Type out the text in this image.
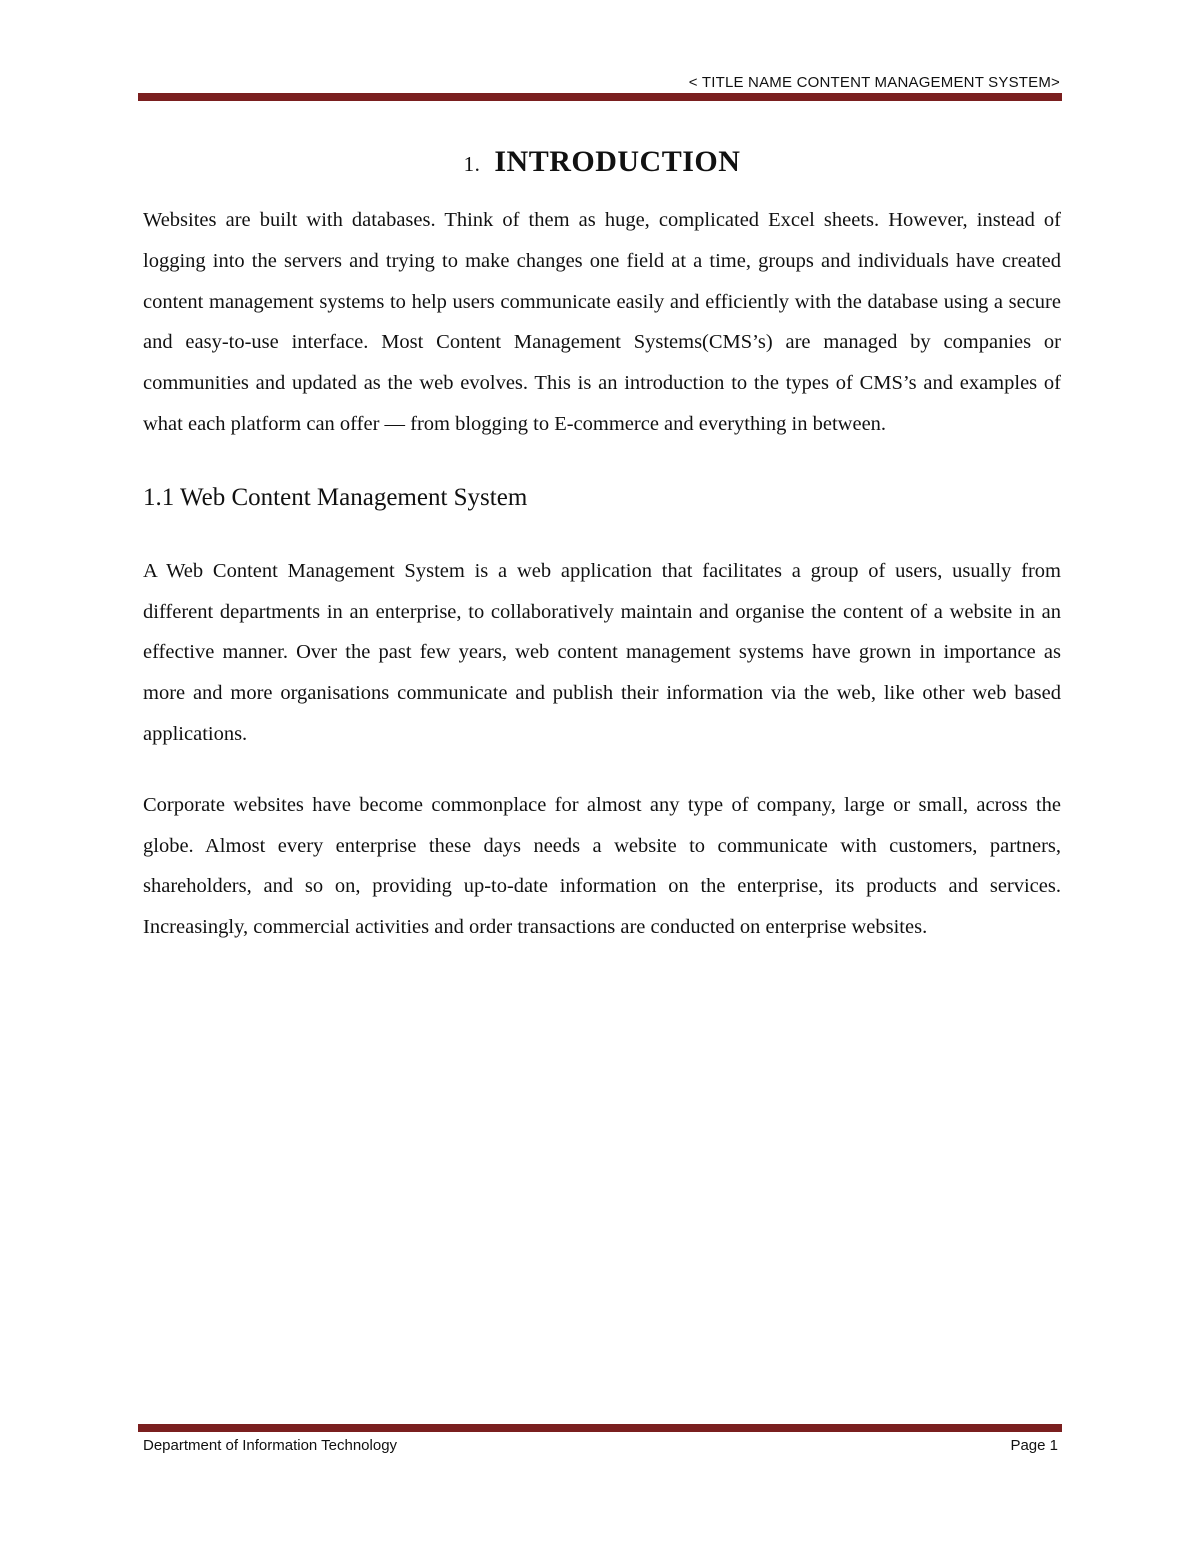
< TITLE NAME CONTENT MANAGEMENT SYSTEM>
1. INTRODUCTION

Websites are built with databases. Think of them as huge, complicated Excel sheets. However, instead of logging into the servers and trying to make changes one field at a time, groups and individuals have created content management systems to help users communicate easily and efficiently with the database using a secure and easy-to-use interface. Most Content Management Systems(CMS’s) are managed by companies or communities and updated as the web evolves. This is an introduction to the types of CMS’s and examples of what each platform can offer — from blogging to E-commerce and everything in between.

1.1 Web Content Management System

A Web Content Management System is a web application that facilitates a group of users, usually from different departments in an enterprise, to collaboratively maintain and organise the content of a website in an effective manner. Over the past few years, web content management systems have grown in importance as more and more organisations communicate and publish their information via the web, like other web based applications.

Corporate websites have become commonplace for almost any type of company, large or small, across the globe. Almost every enterprise these days needs a website to communicate with customers, partners, shareholders, and so on, providing up-to-date information on the enterprise, its products and services. Increasingly, commercial activities and order transactions are conducted on enterprise websites.

Department of Information Technology	Page 1
